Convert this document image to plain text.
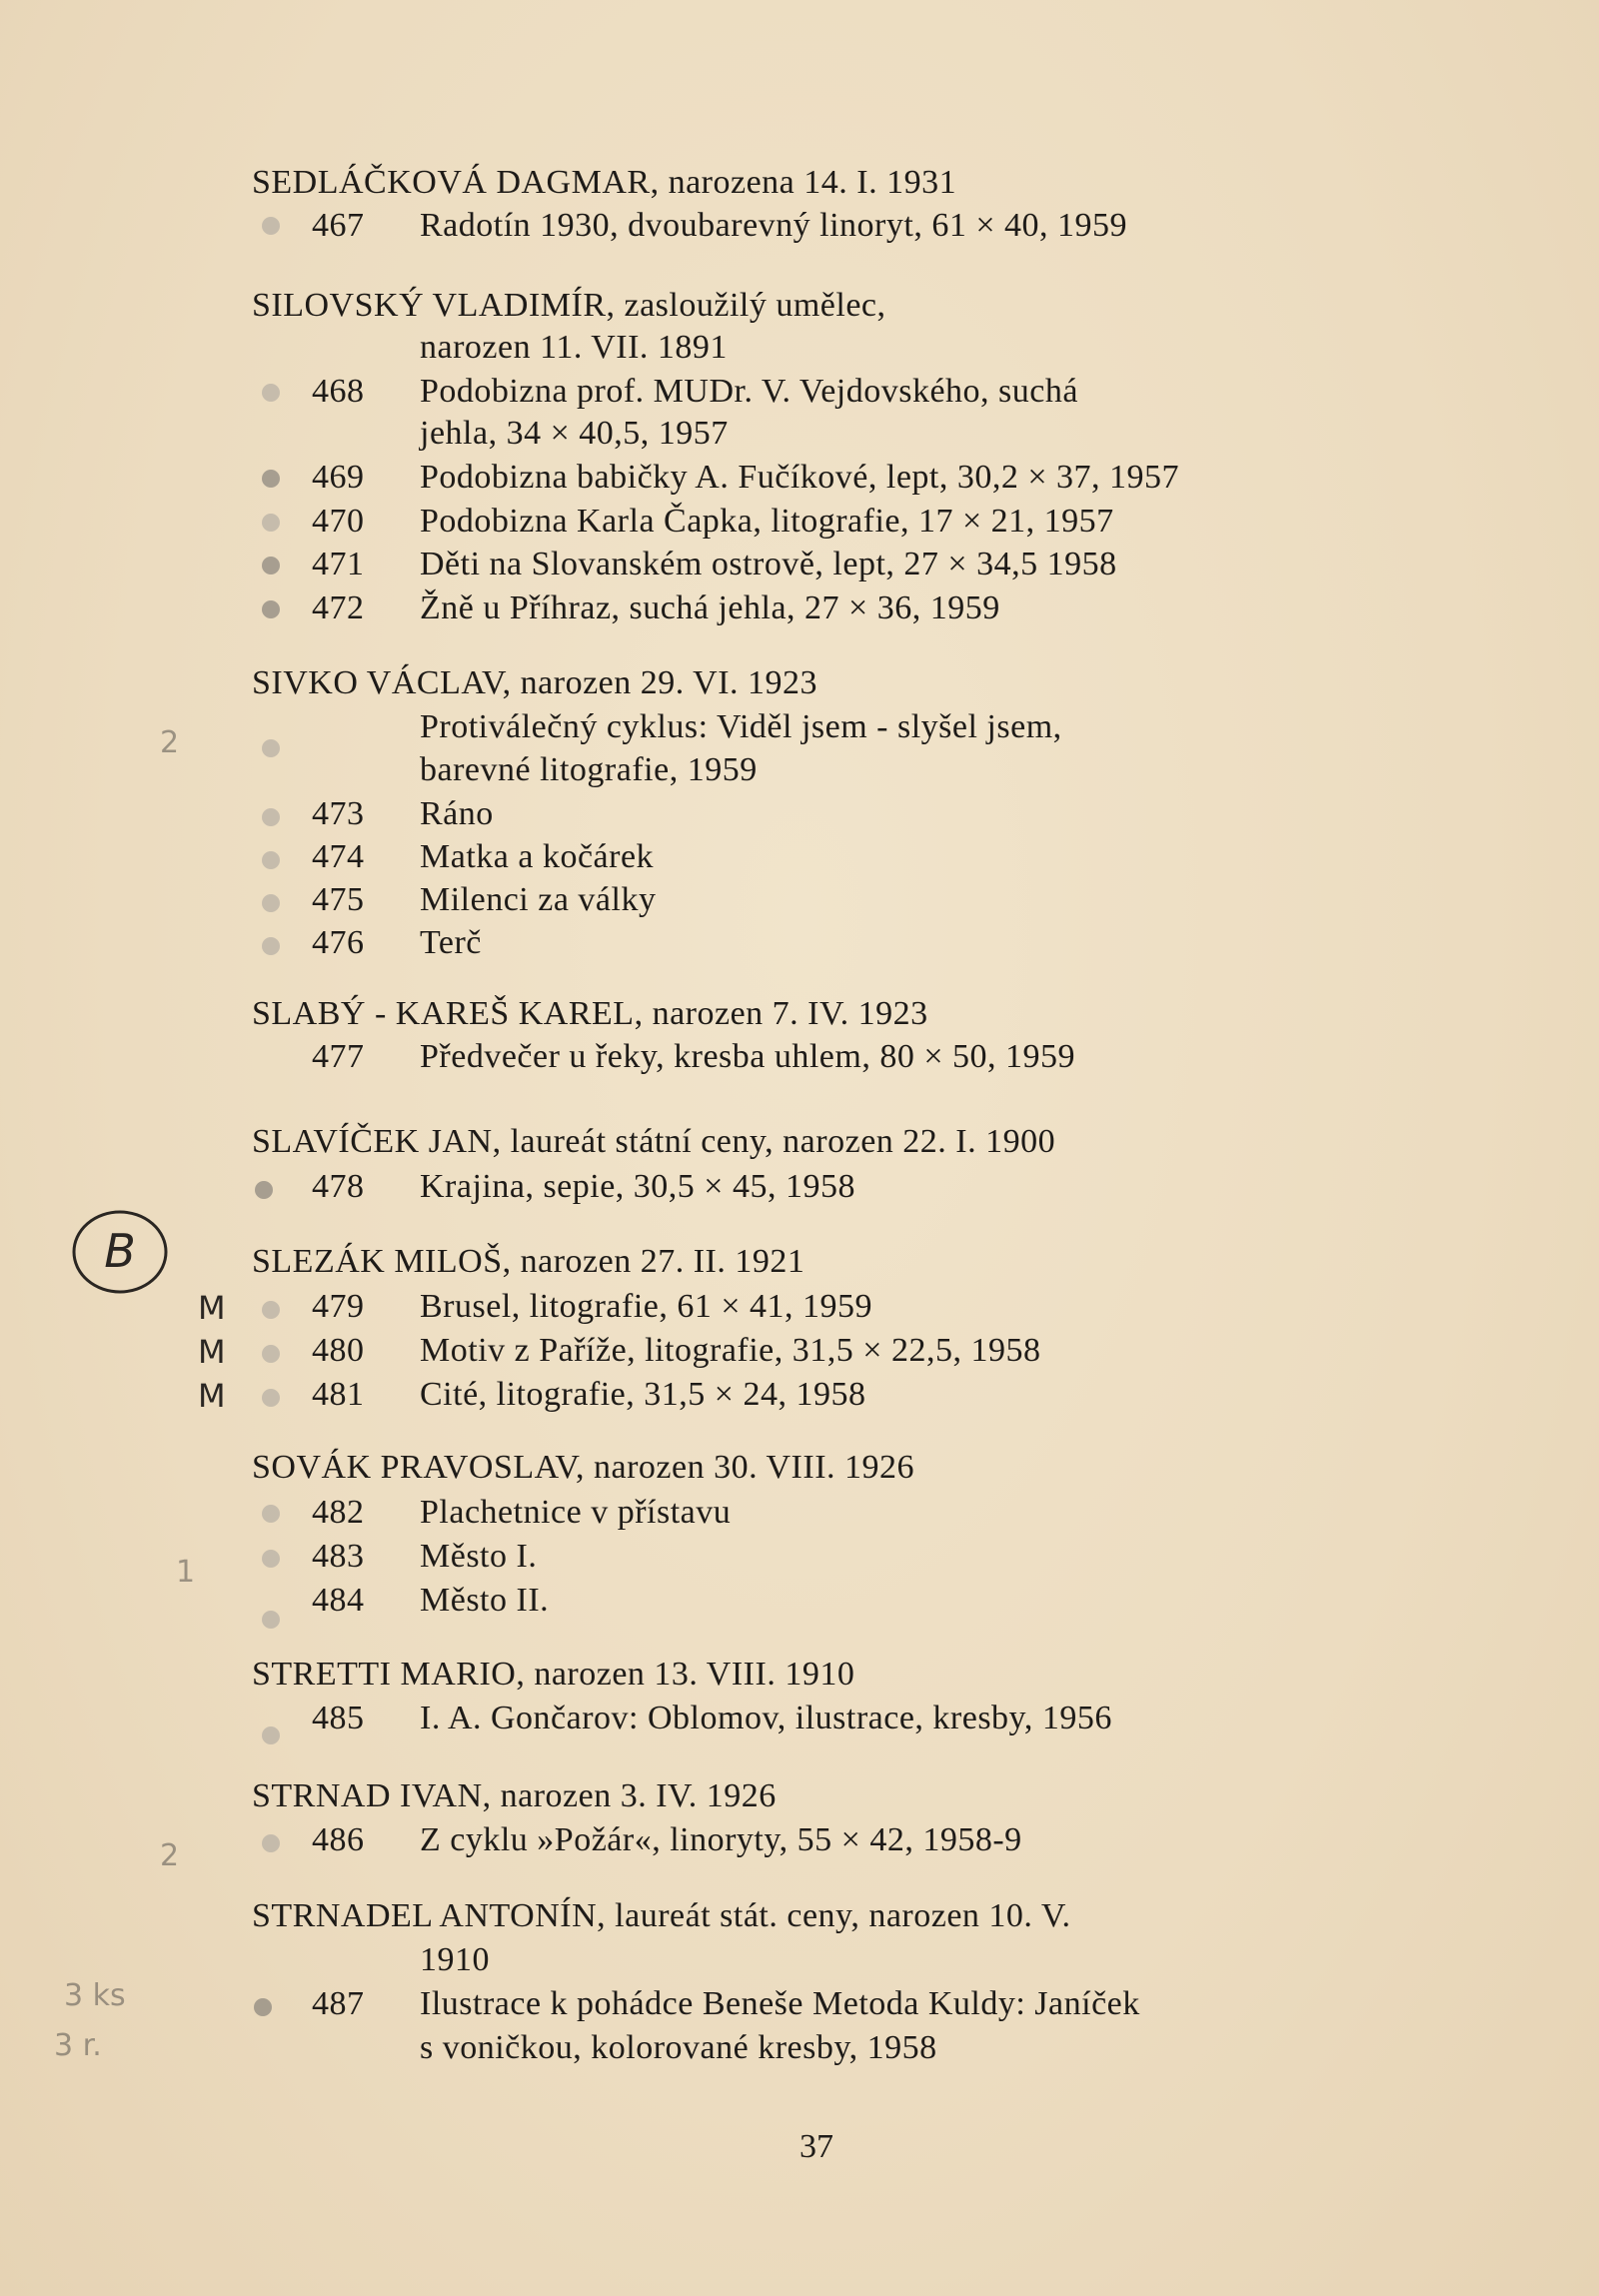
SEDLÁČKOVÁ DAGMAR, narozena 14. I. 1931
467	Radotín 1930, dvoubarevný linoryt, 61 × 40, 1959
SILOVSKÝ VLADIMÍR, zasloužilý umělec,
narozen 11. VII. 1891
468	Podobizna prof. MUDr. V. Vejdovského, suchá
jehla, 34 × 40,5, 1957
469	Podobizna babičky A. Fučíkové, lept, 30,2 × 37, 1957
470	Podobizna Karla Čapka, litografie, 17 × 21, 1957
471	Děti na Slovanském ostrově, lept, 27 × 34,5 1958
472	Žně u Příhraz, suchá jehla, 27 × 36, 1959
SIVKO VÁCLAV, narozen 29. VI. 1923
2	Protiválečný cyklus: Viděl jsem - slyšel jsem,
barevné litografie, 1959
473	Ráno
474	Matka a kočárek
475	Milenci za války
476	Terč
SLABÝ - KAREŠ KAREL, narozen 7. IV. 1923
477	Předvečer u řeky, kresba uhlem, 80 × 50, 1959
SLAVÍČEK JAN, laureát státní ceny, narozen 22. I. 1900
478	Krajina, sepie, 30,5 × 45, 1958
B	SLEZÁK MILOŠ, narozen 27. II. 1921
M	479	Brusel, litografie, 61 × 41, 1959
M	480	Motiv z Paříže, litografie, 31,5 × 22,5, 1958
M	481	Cité, litografie, 31,5 × 24, 1958
SOVÁK PRAVOSLAV, narozen 30. VIII. 1926
1
482	Plachetnice v přístavu
483	Město I.
484	Město II.
STRETTI MARIO, narozen 13. VIII. 1910
485	I. A. Gončarov: Oblomov, ilustrace, kresby, 1956
STRNAD IVAN, narozen 3. IV. 1926
2	486	Z cyklu »Požár«, linoryty, 55 × 42, 1958-9
STRNADEL ANTONÍN, laureát stát. ceny, narozen 10. V.
1910
3 ks	487	Ilustrace k pohádce Beneše Metoda Kuldy: Janíček
s voničkou, kolorované kresby, 1958
3 r.
37
